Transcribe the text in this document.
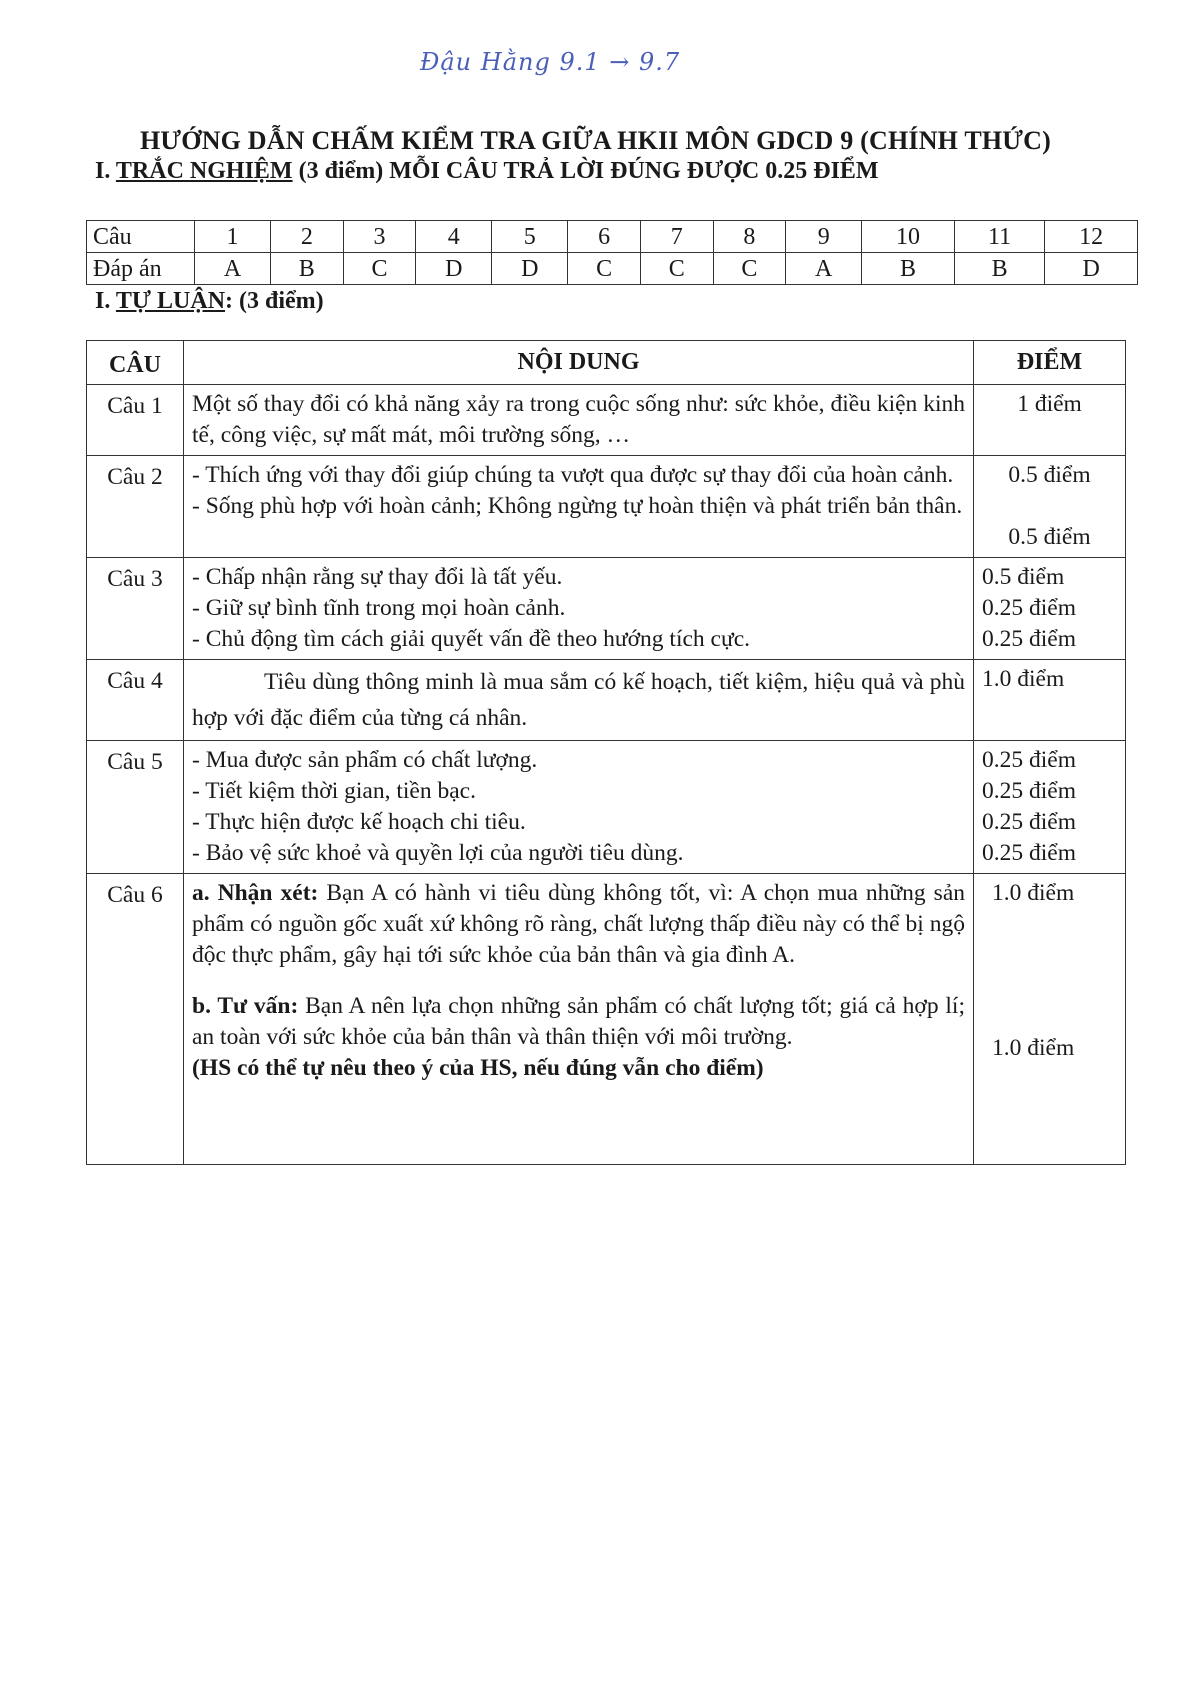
Đậu Hằng 9.1 → 9.7
HƯỚNG DẪN CHẤM KIỂM TRA GIỮA HKII MÔN GDCD 9 (CHÍNH THỨC)
I. TRẮC NGHIỆM (3 điểm) MỖI CÂU TRẢ LỜI ĐÚNG ĐƯỢC 0.25 ĐIỂM
Câu	1	2	3	4	5	6	7	8	9	10	11	12
Đáp án	A	B	C	D	D	C	C	C	A	B	B	D
I. TỰ LUẬN: (3 điểm)
CÂU	NỘI DUNG	ĐIỂM
Câu 1	Một số thay đổi có khả năng xảy ra trong cuộc sống như: sức khỏe, điều kiện kinh tế, công việc, sự mất mát, môi trường sống, …	1 điểm

Câu 2	- Thích ứng với thay đổi giúp chúng ta vượt qua được sự thay đổi của hoàn cảnh.
- Sống phù hợp với hoàn cảnh; Không ngừng tự hoàn thiện và phát triển bản thân.	0.5 điểm
0.5 điểm

Câu 3	- Chấp nhận rằng sự thay đổi là tất yếu.
- Giữ sự bình tĩnh trong mọi hoàn cảnh.
- Chủ động tìm cách giải quyết vấn đề theo hướng tích cực.	0.5 điểm
0.25 điểm
0.25 điểm

Câu 4	Tiêu dùng thông minh là mua sắm có kế hoạch, tiết kiệm, hiệu quả và phù hợp với đặc điểm của từng cá nhân.	1.0 điểm

Câu 5	- Mua được sản phẩm có chất lượng.
- Tiết kiệm thời gian, tiền bạc.
- Thực hiện được kế hoạch chi tiêu.
- Bảo vệ sức khoẻ và quyền lợi của người tiêu dùng.	0.25 điểm
0.25 điểm
0.25 điểm
0.25 điểm

Câu 6	a. Nhận xét: Bạn A có hành vi tiêu dùng không tốt, vì: A chọn mua những sản phẩm có nguồn gốc xuất xứ không rõ ràng, chất lượng thấp điều này có thể bị ngộ độc thực phẩm, gây hại tới sức khỏe của bản thân và gia đình A.
b. Tư vấn: Bạn A nên lựa chọn những sản phẩm có chất lượng tốt; giá cả hợp lí; an toàn với sức khỏe của bản thân và thân thiện với môi trường.
(HS có thể tự nêu theo ý của HS, nếu đúng vẫn cho điểm)	1.0 điểm
1.0 điểm
